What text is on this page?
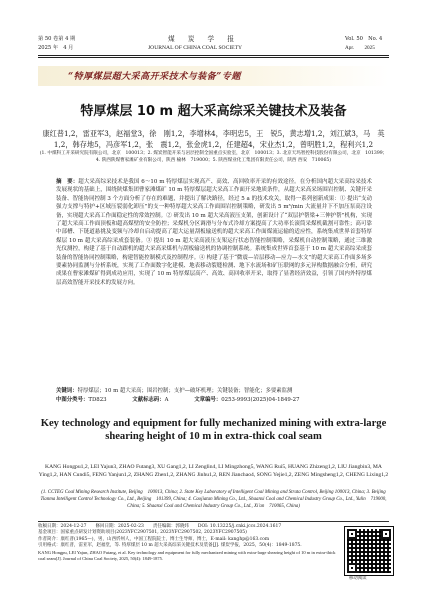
第 50 卷第 4 期	煤　　炭　　学　　报	Vol. 50　No. 4
2025 年　4 月	JOURNAL OF CHINA COAL SOCIETY	Apr.　　2025
“特厚煤层超大采高开采技术与装备”专题
特厚煤层 10 m 超大采高综采关键技术及装备
康红普1,2，雷亚军3，赵福堂3，徐　刚1,2，李增林4，李明忠5，王　锐5，黄志增1,2，刘江斌3，马　英1,2，韩存地5，冯彦军1,2，张　震1,2，张金虎1,2，任建超4，宋业杰1,2，曾明胜1,2，程利兴1,2
(1. 中煤科工开采研究院有限公司，北京　100013；2. 煤炭智能开采与岩层控制全国重点实验室，北京　100013；3. 北京天玛智控科技股份有限公司，北京　101399；4. 陕西陕煤曹家滩矿业有限公司，陕西 榆林　719000；5. 陕西煤业化工集团有限责任公司，陕西 西安　710065)
摘　要：超大采高综采技术是我国 6～10 m 特厚煤层实现高产、高效、高回收率开采的有效途径。在分析国内超大采高综采技术发展现状的基础上，围绕陕煤集团曹家滩煤矿 10 m 特厚煤层超大采高工作面开采地质条件，从超大采高采场围岩控制、关键开采装备、智能协同控制 3 个方面分析了存在的难题，并提出了解决路径，经过 5 a 的技术攻关，取得一系列创新成果：① 提出“支动强力支撑与特护+区域压裂弱化卸压”的支一种特厚超大采高工作面围岩控制策略，研发出 5 m³/min 大流量并下不加压泵高注设备，实现超大采高工作面稳定性的常效控制。② 研发出 10 m 超大采高液压支架，创新设计了“双层护帮梁+三伸护帮”机构，实现了超大采高工作面顶板和超高煤壁的安全防控；采煤机分区调滑与分布式冷却方案提高了大功率长滚筒采煤机截割可靠性；高可靠中部槽、下链道悬挑及变频与冷却自启动提高了超大运量刮板输送机的超大采高工作面煤流运输的适应性，系统集成世界首套特厚煤层 10 m 超大采高综采成套装备。③ 提出 10 m 超大采高液压支架运行状态智能控制策略，采煤机自动控制策略，通过三维激光仪测控，构建了基于自动跟机的超大采高采煤机与刮板输送机的协调控制系统。系统集成世界首套基于 10 m 超大采高综采成套装备的智能协同控制策略，构建智能控制模式及控制程序。④ 构建了基于“微震—岩层移动—应力—水文”的超大采高工作面多场多要素协同监测与分析系统，实现了工作面数字化建模、地表移动裂缝检测、地下水流场和矿压联网的多元异构数据融合分析，研究成果在曹家滩煤矿得到成功应用，实现了 10 m 特厚煤层高产、高效、高回收率开采，取得了显著经济效益，引领了国内外特厚煤层高效智能开采技术的发展方向。
关键词：特厚煤层；10 m 超大采高；围岩控制；支护—破坏机理；关键装备；智能化；多要素监测
中图分类号：TD823	文献标志码：A	文章编号：0253-9993(2025)04-1849-27
Key technology and equipment for fully mechanized mining with extra-large shearing height of 10 m in extra-thick coal seam
KANG Hongpu1,2, LEI Yajun3, ZHAO Futang3, XU Gang1,2, LI Zenglin4, LI Mingzhong5, WANG Rui5, HUANG Zhizeng1,2, LIU Jiangbin3, MA Ying1,2, HAN Cundi5, FENG Yanjun1,2, ZHANG Zhen1,2, ZHANG Jinhu1,2, REN Jianchao4, SONG Yejie1,2, ZENG Mingsheng1,2, CHENG Lixing1,2
(1. CCTEG Coal Mining Research Institute, Beijing　100013, China; 2. State Key Laboratory of Intelligent Coal Mining and Strata Control, Beijing 100013, China; 3. Beijing Tianma Intelligent Control Technology Co., Ltd., Beijing　101399, China; 4. Caojiatan Mining Co., Ltd., Shaanxi Coal and Chemical Industry Group Co., Ltd., Yulin　719000, China; 5. Shaanxi Coal and Chemical Industry Group Co., Ltd., Xi'an　710065, China)
收稿日期：2024-12-27　　修回日期：2025-02-23　　责任编辑：郭晓炜　　DOI: 10.13225/j.cnki.jccs.2024.1617
基金项目：国家重点研发计划资助项目(2023YFC2907501, 2023YFC2907502, 2023YFC2907505)
作者简介：康红普(1965—)，男，山西忻州人，中国工程院院士，博士生导师，博士，E-mail: kanghp@163.com
引用格式：康红普，雷亚军，赵福堂，等. 特厚煤层 10 m 超大采高综采关键技术及装备[J]. 煤炭学报，2025，50(4)：1849-1875.
KANG Hongpu, LEI Yajun, ZHAO Futang, et al. Key technology and equipment for fully mechanized mining with extra-large shearing height of 10 m in extra-thick coal seam[J]. Journal of China Coal Society, 2025, 50(4): 1849-1875.
移动阅读
